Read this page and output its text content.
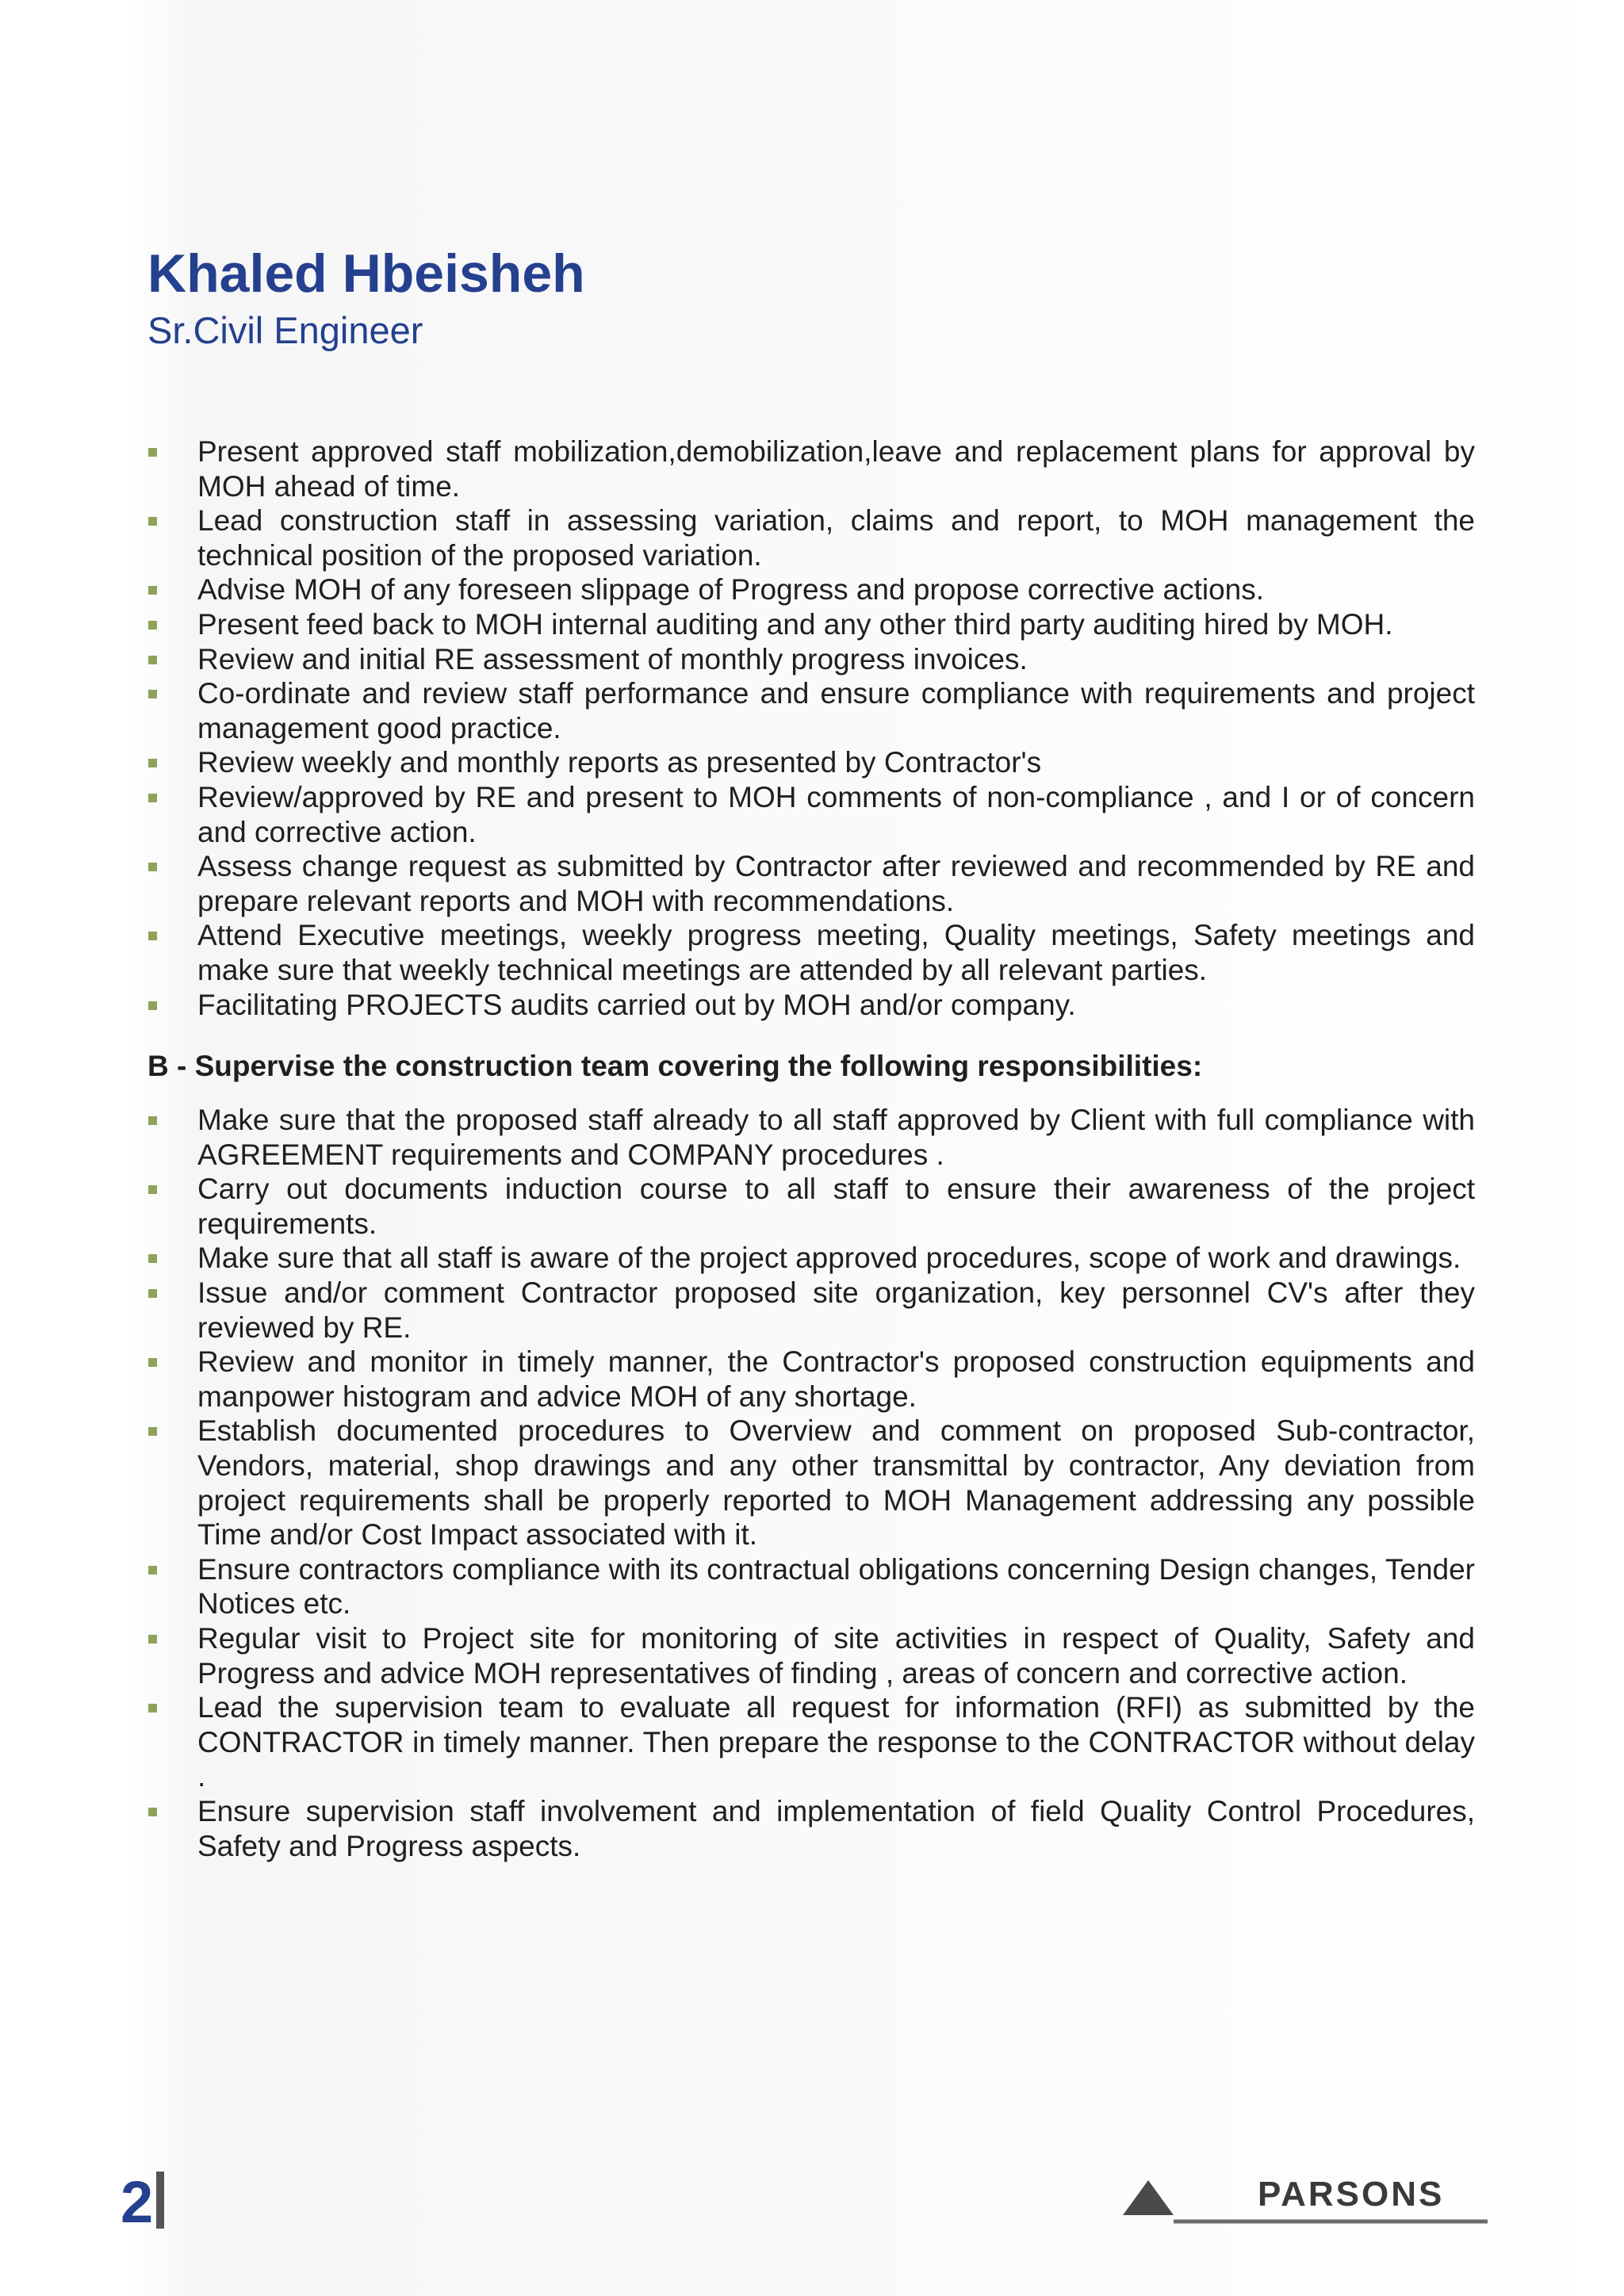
Khaled Hbeisheh
Sr.Civil Engineer
Present approved staff mobilization,demobilization,leave and replacement plans for approval by MOH ahead of time.
Lead construction staff in assessing variation, claims and report, to MOH management the technical position of the proposed variation.
Advise MOH of any foreseen slippage of Progress and propose corrective actions.
Present feed back to MOH internal auditing and any other third party auditing hired by MOH.
Review and initial RE assessment of monthly progress invoices.
Co-ordinate and review staff performance and ensure compliance with requirements and project management good practice.
Review weekly and monthly reports as presented by Contractor's
Review/approved by RE and present to MOH comments of non-compliance , and I or of concern and corrective action.
Assess change request as submitted by Contractor after reviewed and recommended by RE and prepare relevant reports and MOH with recommendations.
Attend Executive meetings, weekly progress meeting, Quality meetings, Safety meetings and make sure that weekly technical meetings are attended by all relevant parties.
Facilitating PROJECTS audits carried out by MOH and/or company.
B - Supervise the construction team covering the following responsibilities:
Make sure that the proposed staff already to all staff approved by Client with full compliance with AGREEMENT requirements and COMPANY procedures .
Carry out documents induction course to all staff to ensure their awareness of the project requirements.
Make sure that all staff is aware of the project approved procedures, scope of work and drawings.
Issue and/or comment Contractor proposed site organization, key personnel CV's after they reviewed by RE.
Review and monitor in timely manner, the Contractor's proposed construction equipments and manpower histogram and advice MOH of any shortage.
Establish documented procedures to Overview and comment on proposed Sub-contractor, Vendors, material, shop drawings and any other transmittal by contractor, Any deviation from project requirements shall be properly reported to MOH Management addressing any possible Time and/or Cost Impact associated with it.
Ensure contractors compliance with its contractual obligations concerning Design changes, Tender Notices etc.
Regular visit to Project site for monitoring of site activities in respect of Quality, Safety and Progress and advice MOH representatives of finding , areas of concern and corrective action.
Lead the supervision team to evaluate all request for information (RFI) as submitted by the CONTRACTOR in timely manner. Then prepare the response to the CONTRACTOR without delay .
Ensure supervision staff involvement and implementation of field Quality Control Procedures, Safety and Progress aspects.
2	PARSONS
